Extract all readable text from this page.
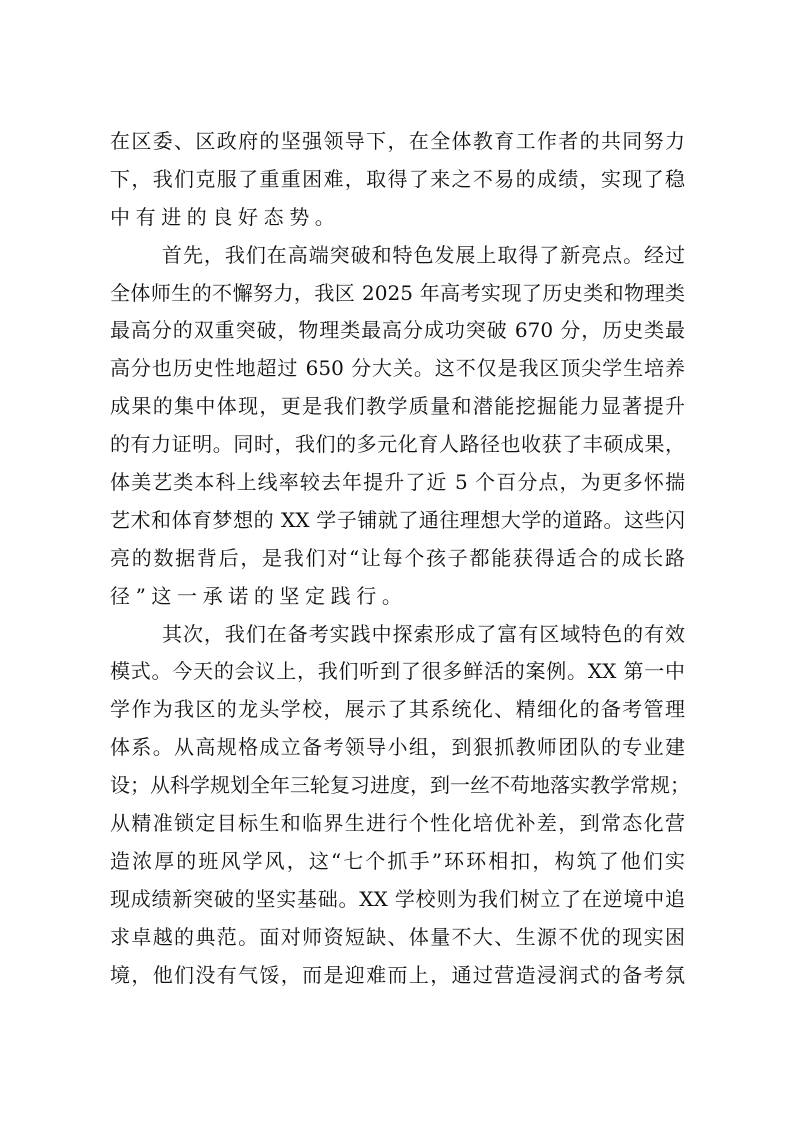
在区委、区政府的坚强领导下，在全体教育工作者的共同努力
下，我们克服了重重困难，取得了来之不易的成绩，实现了稳
中有进的良好态势。
首先，我们在高端突破和特色发展上取得了新亮点。经过
全体师生的不懈努力，我区 2025 年高考实现了历史类和物理类
最高分的双重突破，物理类最高分成功突破 670 分，历史类最
高分也历史性地超过 650 分大关。这不仅是我区顶尖学生培养
成果的集中体现，更是我们教学质量和潜能挖掘能力显著提升
的有力证明。同时，我们的多元化育人路径也收获了丰硕成果，
体美艺类本科上线率较去年提升了近 5 个百分点，为更多怀揣
艺术和体育梦想的 XX 学子铺就了通往理想大学的道路。这些闪
亮的数据背后，是我们对“让每个孩子都能获得适合的成长路
径”这一承诺的坚定践行。
其次，我们在备考实践中探索形成了富有区域特色的有效
模式。今天的会议上，我们听到了很多鲜活的案例。XX 第一中
学作为我区的龙头学校，展示了其系统化、精细化的备考管理
体系。从高规格成立备考领导小组，到狠抓教师团队的专业建
设；从科学规划全年三轮复习进度，到一丝不苟地落实教学常规；
从精准锁定目标生和临界生进行个性化培优补差，到常态化营
造浓厚的班风学风，这“七个抓手”环环相扣，构筑了他们实
现成绩新突破的坚实基础。XX 学校则为我们树立了在逆境中追
求卓越的典范。面对师资短缺、体量不大、生源不优的现实困
境，他们没有气馁，而是迎难而上，通过营造浸润式的备考氛
